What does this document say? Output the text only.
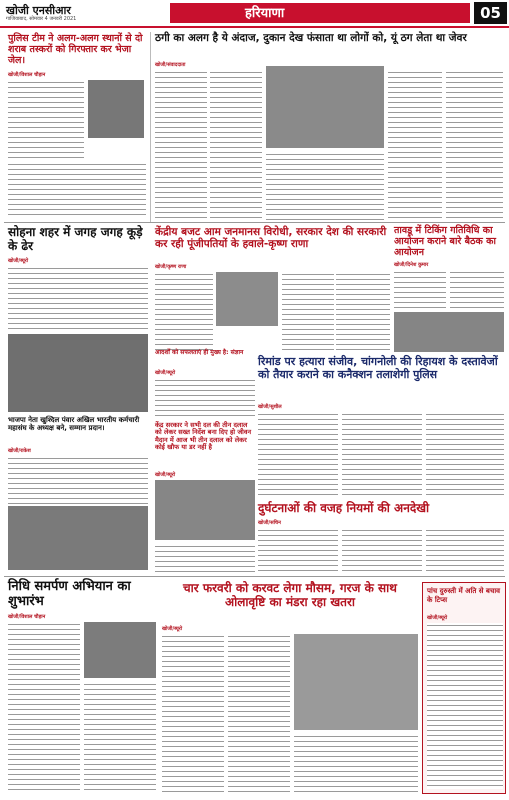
खोजी एनसीआर
गाजियाबाद, सोमवार 4 जनवरी 2021	हरियाणा	05
पुलिस टीम ने अलग-अलग स्थानों से दो शराब तस्करों को गिरफ्तार कर भेजा जेल।
खोजी/विशाल चौहान
ठगी का अलग है ये अंदाज, दुकान देख फंसाता था लोगों को, यूं ठग लेता था जेवर
खोजी/संवाददाता
सोहना शहर में जगह जगह कूड़े के ढेर
खोजी/ब्यूरो
केंद्रीय बजट आम जनमानस विरोधी, सरकार देश की सरकारी कर रही पूंजीपतियों के हवाले-कृष्ण राणा
खोजी/कृष्ण राणा
तावडू में टिकिंग गतिविधि का आयोजन कराने बारे बैठक का आयोजन
खोजी/दिनेश कुमार
आदर्शों को सफलताएं ही मुख्य है: संज्ञान
खोजी/ब्यूरो
रिमांड पर हत्यारा संजीव, चांगनोली की रिहायश के दस्तावेजों को तैयार कराने का कनैक्शन तलाशेगी पुलिस
खोजी/सुशील
भाजपा नेता खुश्दिल पंवार अखिल भारतीय कर्मचारी महासंघ के अध्यक्ष बने, सम्मान प्रदान।
खोजी/राकेश
केंद्र सरकार ने सभी दल की तीन दलाल को लेकर सख्त निर्देश बना दिए हो जीवन मैदान में आज भी तीन दलाल को लेकर कोई खौफ या डर नहीं है
खोजी/ब्यूरो
दुर्घटनाओं की वजह नियमों की अनदेखी
खोजी/सचिन
निधि समर्पण अभियान का शुभारंभ
खोजी/विशाल चौहान
चार फरवरी को करवट लेगा मौसम, गरज के साथ ओलावृष्टि का मंडरा रहा खतरा
खोजी/ब्यूरो
पांच दुरुस्ती में अति से बचाव के टिप्स
खोजी/ब्यूरो
